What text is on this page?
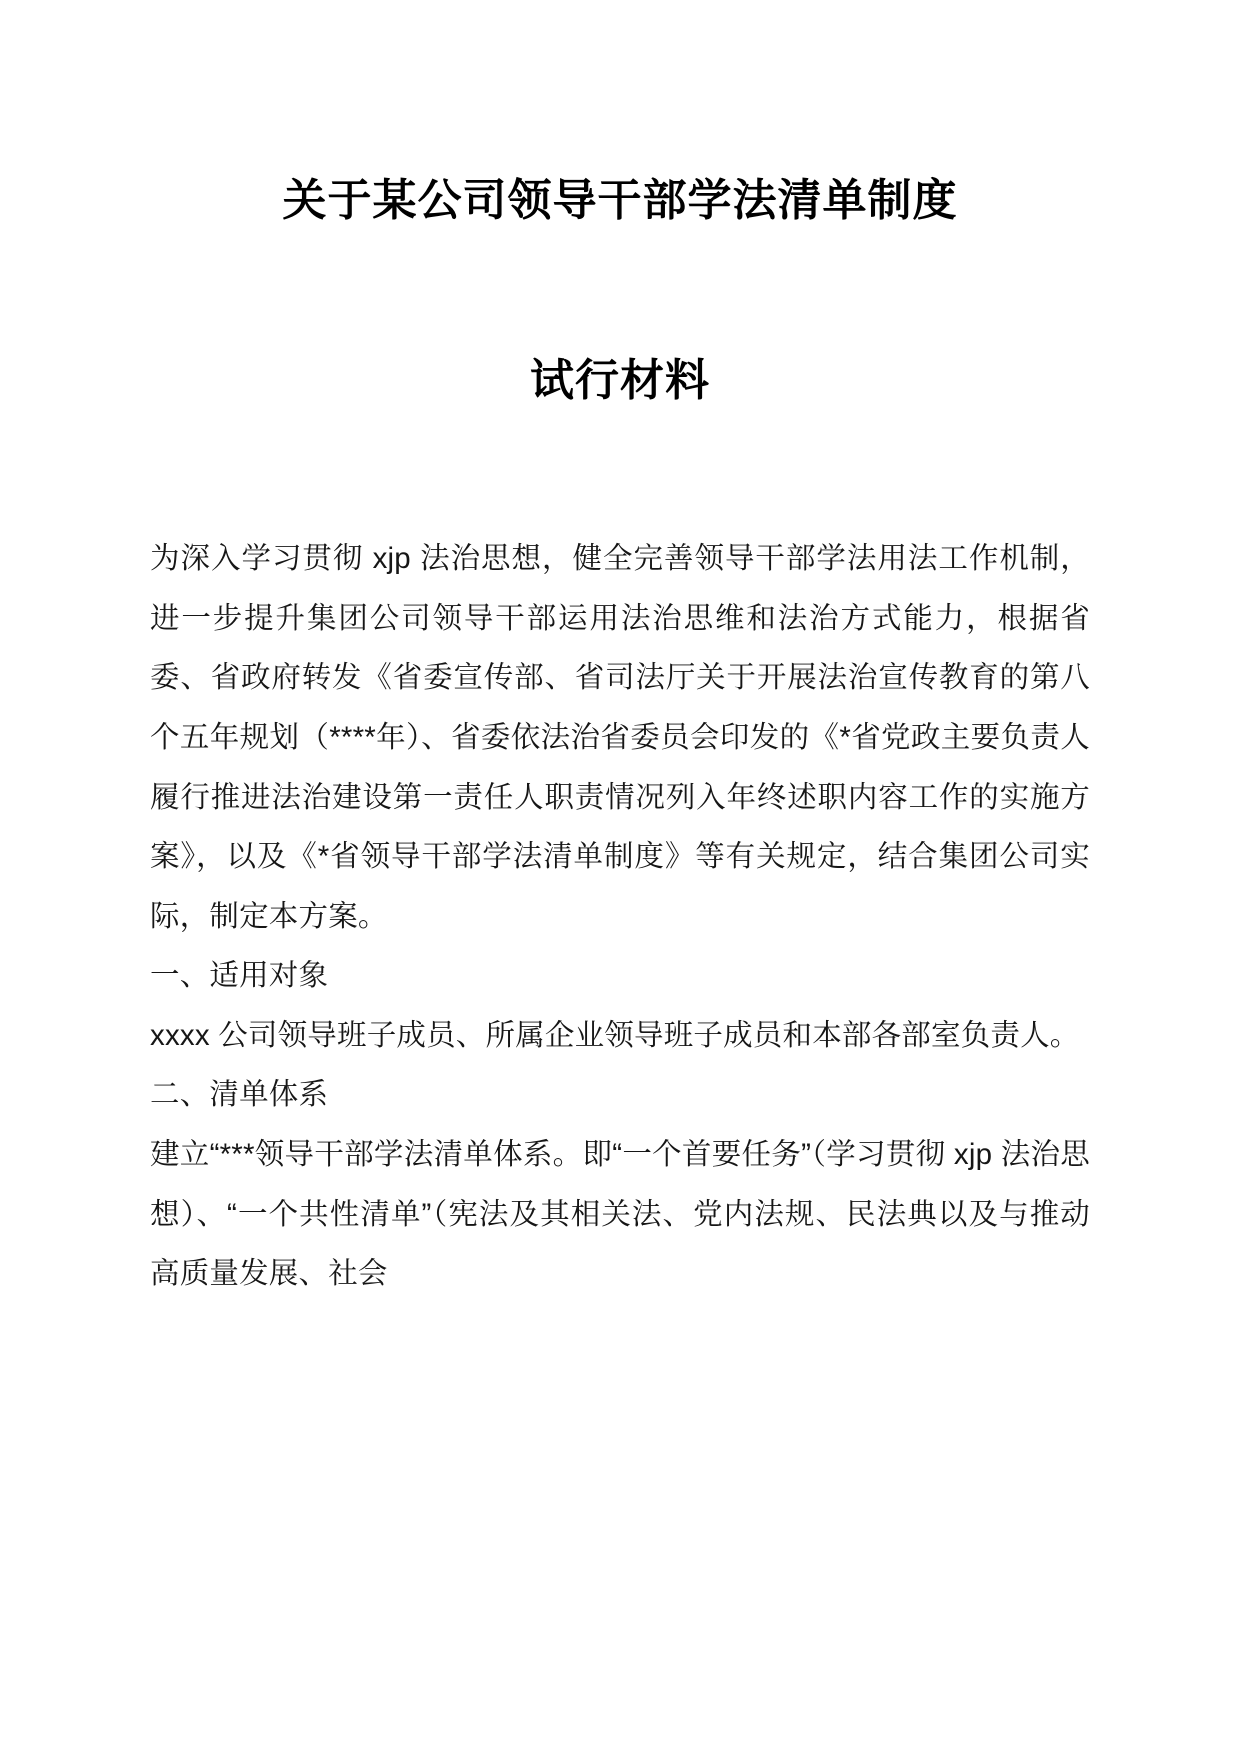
关于某公司领导干部学法清单制度
试行材料

为深入学习贯彻 xjp 法治思想，健全完善领导干部学法用法工作机制，进一步提升集团公司领导干部运用法治思维和法治方式能力，根据省委、省政府转发《省委宣传部、省司法厅关于开展法治宣传教育的第八个五年规划（****年）、省委依法治省委员会印发的《*省党政主要负责人履行推进法治建设第一责任人职责情况列入年终述职内容工作的实施方案》，以及《*省领导干部学法清单制度》等有关规定，结合集团公司实际，制定本方案。

一、适用对象

xxxx 公司领导班子成员、所属企业领导班子成员和本部各部室负责人。

二、清单体系

建立“***领导干部学法清单体系。即“一个首要任务”（学习贯彻 xjp 法治思想）、“一个共性清单”（宪法及其相关法、党内法规、民法典以及与推动高质量发展、社会
